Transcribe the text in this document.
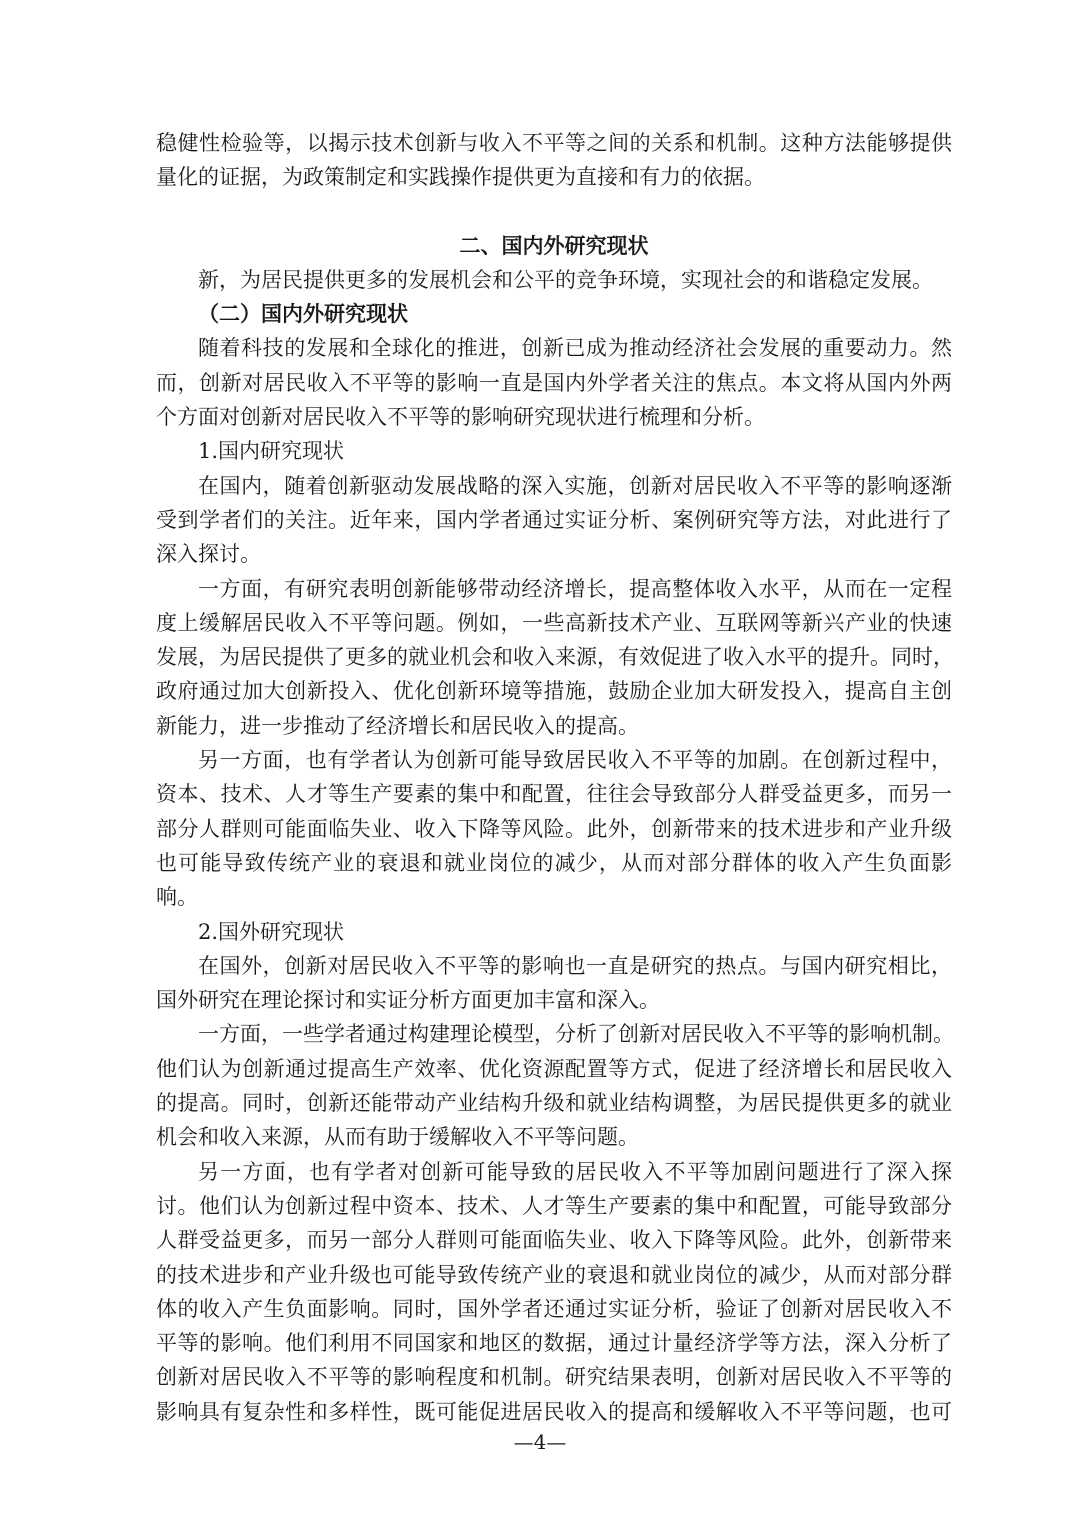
稳健性检验等，以揭示技术创新与收入不平等之间的关系和机制。这种方法能够提供
量化的证据，为政策制定和实践操作提供更为直接和有力的依据。
二、国内外研究现状
新，为居民提供更多的发展机会和公平的竞争环境，实现社会的和谐稳定发展。
（二）国内外研究现状
随着科技的发展和全球化的推进，创新已成为推动经济社会发展的重要动力。然
而，创新对居民收入不平等的影响一直是国内外学者关注的焦点。本文将从国内外两
个方面对创新对居民收入不平等的影响研究现状进行梳理和分析。
1.国内研究现状
在国内，随着创新驱动发展战略的深入实施，创新对居民收入不平等的影响逐渐
受到学者们的关注。近年来，国内学者通过实证分析、案例研究等方法，对此进行了
深入探讨。
一方面，有研究表明创新能够带动经济增长，提高整体收入水平，从而在一定程
度上缓解居民收入不平等问题。例如，一些高新技术产业、互联网等新兴产业的快速
发展，为居民提供了更多的就业机会和收入来源，有效促进了收入水平的提升。同时，
政府通过加大创新投入、优化创新环境等措施，鼓励企业加大研发投入，提高自主创
新能力，进一步推动了经济增长和居民收入的提高。
另一方面，也有学者认为创新可能导致居民收入不平等的加剧。在创新过程中，
资本、技术、人才等生产要素的集中和配置，往往会导致部分人群受益更多，而另一
部分人群则可能面临失业、收入下降等风险。此外，创新带来的技术进步和产业升级
也可能导致传统产业的衰退和就业岗位的减少，从而对部分群体的收入产生负面影
响。
2.国外研究现状
在国外，创新对居民收入不平等的影响也一直是研究的热点。与国内研究相比，
国外研究在理论探讨和实证分析方面更加丰富和深入。
一方面，一些学者通过构建理论模型，分析了创新对居民收入不平等的影响机制。
他们认为创新通过提高生产效率、优化资源配置等方式，促进了经济增长和居民收入
的提高。同时，创新还能带动产业结构升级和就业结构调整，为居民提供更多的就业
机会和收入来源，从而有助于缓解收入不平等问题。
另一方面，也有学者对创新可能导致的居民收入不平等加剧问题进行了深入探
讨。他们认为创新过程中资本、技术、人才等生产要素的集中和配置，可能导致部分
人群受益更多，而另一部分人群则可能面临失业、收入下降等风险。此外，创新带来
的技术进步和产业升级也可能导致传统产业的衰退和就业岗位的减少，从而对部分群
体的收入产生负面影响。同时，国外学者还通过实证分析，验证了创新对居民收入不
平等的影响。他们利用不同国家和地区的数据，通过计量经济学等方法，深入分析了
创新对居民收入不平等的影响程度和机制。研究结果表明，创新对居民收入不平等的
影响具有复杂性和多样性，既可能促进居民收入的提高和缓解收入不平等问题，也可
—4—
